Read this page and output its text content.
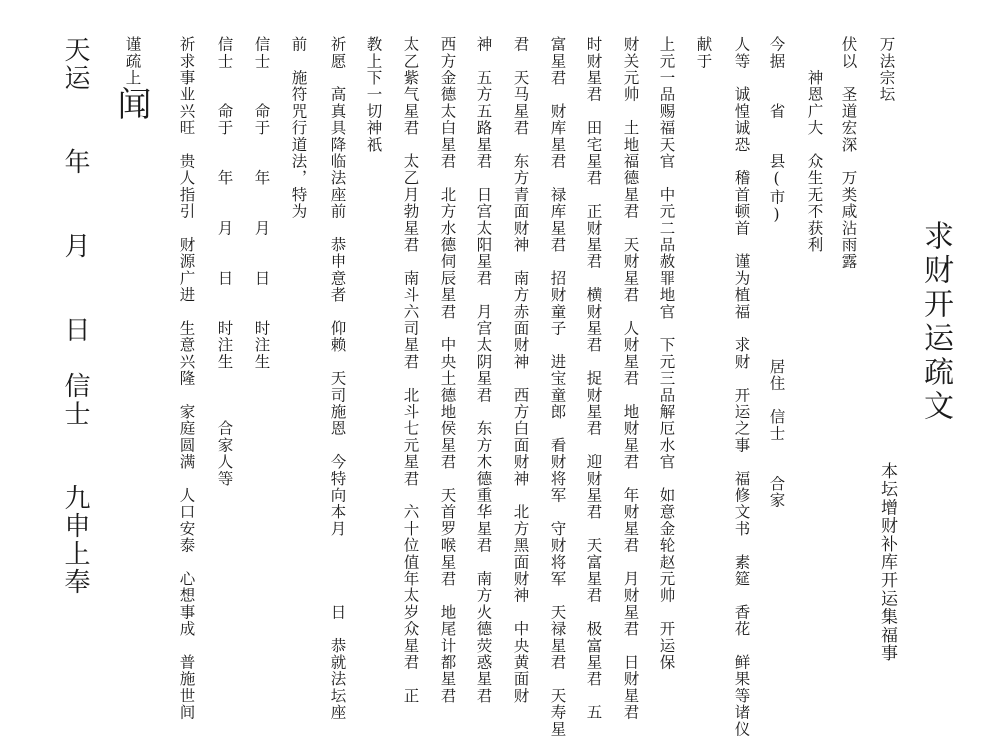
本坛增财补库开运集福事
求财开运疏文
万法宗坛
伏以　圣道宏深　万类咸沾雨露
　　神恩广大　众生无不获利
今据　　省　　县(市)　　　　　　　　居住　信士　　合家
人等　诚惶诚恐　稽首顿首　谨为植福　求财　开运之事　福修文书　素筵　香花　鲜果等诸仪
献于
上元一品赐福天官　中元二品赦罪地官　下元三品解厄水官　如意金轮赵元帅　开运保
财关元帅　土地福德星君　天财星君　人财星君　地财星君　年财星君　月财星君　日财星君
时财星君　田宅星君　正财星君　横财星君　捉财星君　迎财星君　天富星君　极富星君　五
富星君　财库星君　禄库星君　招财童子　进宝童郎　看财将军　守财将军　天禄星君　天寿星
君　天马星君　东方青面财神　南方赤面财神　西方白面财神　北方黑面财神　中央黄面财
神　五方五路星君　日宫太阳星君　月宫太阴星君　东方木德重华星君　南方火德荧惑星君
西方金德太白星君　北方水德伺辰星君　中央土德地侯星君　天首罗喉星君　地尾计都星君
太乙紫气星君　太乙月勃星君　南斗六司星君　北斗七元星君　六十位值年太岁众星君　正
教上下一切神祇
祈愿　高真具降临法座前　恭申意者　仰赖　天司施恩　今特向本月　　　　日　恭就法坛座
前　施符咒行道法，特为
信士　　命于　　年　　月　　日　　时注生
信士　　命于　　年　　月　　日　　时注生　　　合家人等
祈求事业兴旺　贵人指引　财源广进　生意兴隆　家庭圆满　人口安泰　心想事成　普施世间
谨疏上
闻
天运　　年　　月　　日　信士　　九申上奉
